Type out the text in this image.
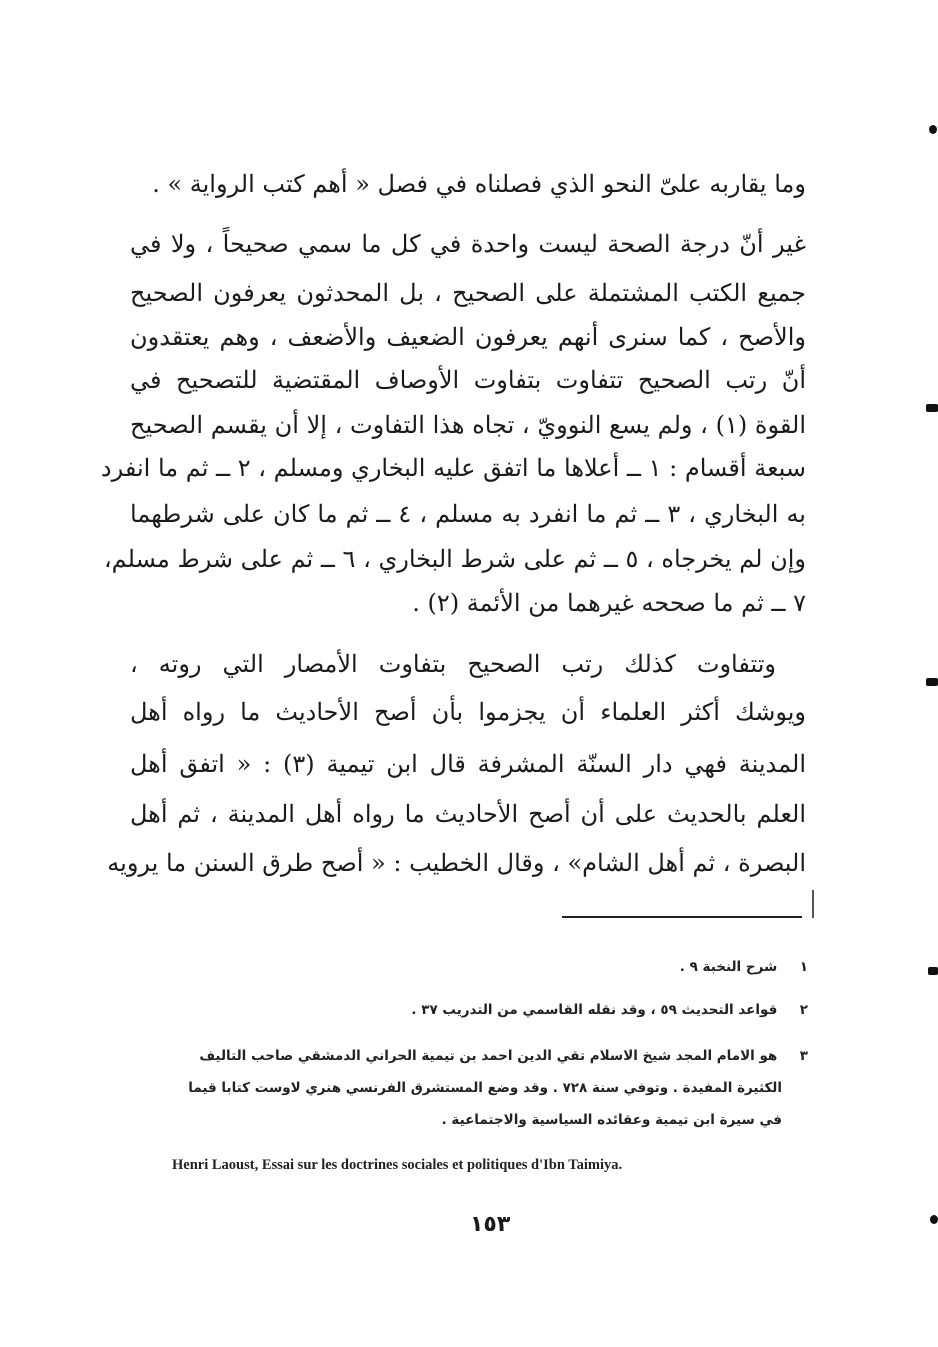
وما يقاربه علىّ النحو الذي فصلناه في فصل « أهم كتب الرواية » .
غير أنّ درجة الصحة ليست واحدة في كل ما سمي صحيحاً ، ولا في
جميع الكتب المشتملة على الصحيح ، بل المحدثون يعرفون الصحيح
والأصح ، كما سنرى أنهم يعرفون الضعيف والأضعف ، وهم يعتقدون
أنّ رتب الصحيح تتفاوت بتفاوت الأوصاف المقتضية للتصحيح في
القوة (١) ، ولم يسع النوويّ ، تجاه هذا التفاوت ، إلا أن يقسم الصحيح
سبعة أقسام : ١ ــ أعلاها ما اتفق عليه البخاري ومسلم ، ٢ ــ ثم ما انفرد
به البخاري ، ٣ ــ ثم ما انفرد به مسلم ، ٤ ــ ثم ما كان على شرطهما
وإن لم يخرجاه ، ٥ ــ ثم على شرط البخاري ، ٦ ــ ثم على شرط مسلم،
٧ ــ ثم ما صححه غيرهما من الأئمة (٢) .
وتتفاوت كذلك رتب الصحيح بتفاوت الأمصار التي روته ،
ويوشك أكثر العلماء أن يجزموا بأن أصح الأحاديث ما رواه أهل
المدينة فهي دار السنّة المشرفة قال ابن تيمية (٣) : « اتفق أهل
العلم بالحديث على أن أصح الأحاديث ما رواه أهل المدينة ، ثم أهل
البصرة ، ثم أهل الشام» ، وقال الخطيب : « أصح طرق السنن ما يرويه
١ شرح النخبة ٩ .
٢ قواعد التحديث ٥٩ ، وقد نقله القاسمي من التدريب ٣٧ .
٣ هو الامام المجد شيخ الاسلام تقي الدين احمد بن تيمية الحراني الدمشقي صاحب التاليف
الكثيرة المفيدة . وتوفي سنة ٧٢٨ . وقد وضع المستشرق الفرنسي هنري لاوست كتابا قيما
في سيرة ابن تيمية وعقائده السياسية والاجتماعية .
Henri Laoust, Essai sur les doctrines sociales et politiques d'Ibn Taimiya.
١٥٣
